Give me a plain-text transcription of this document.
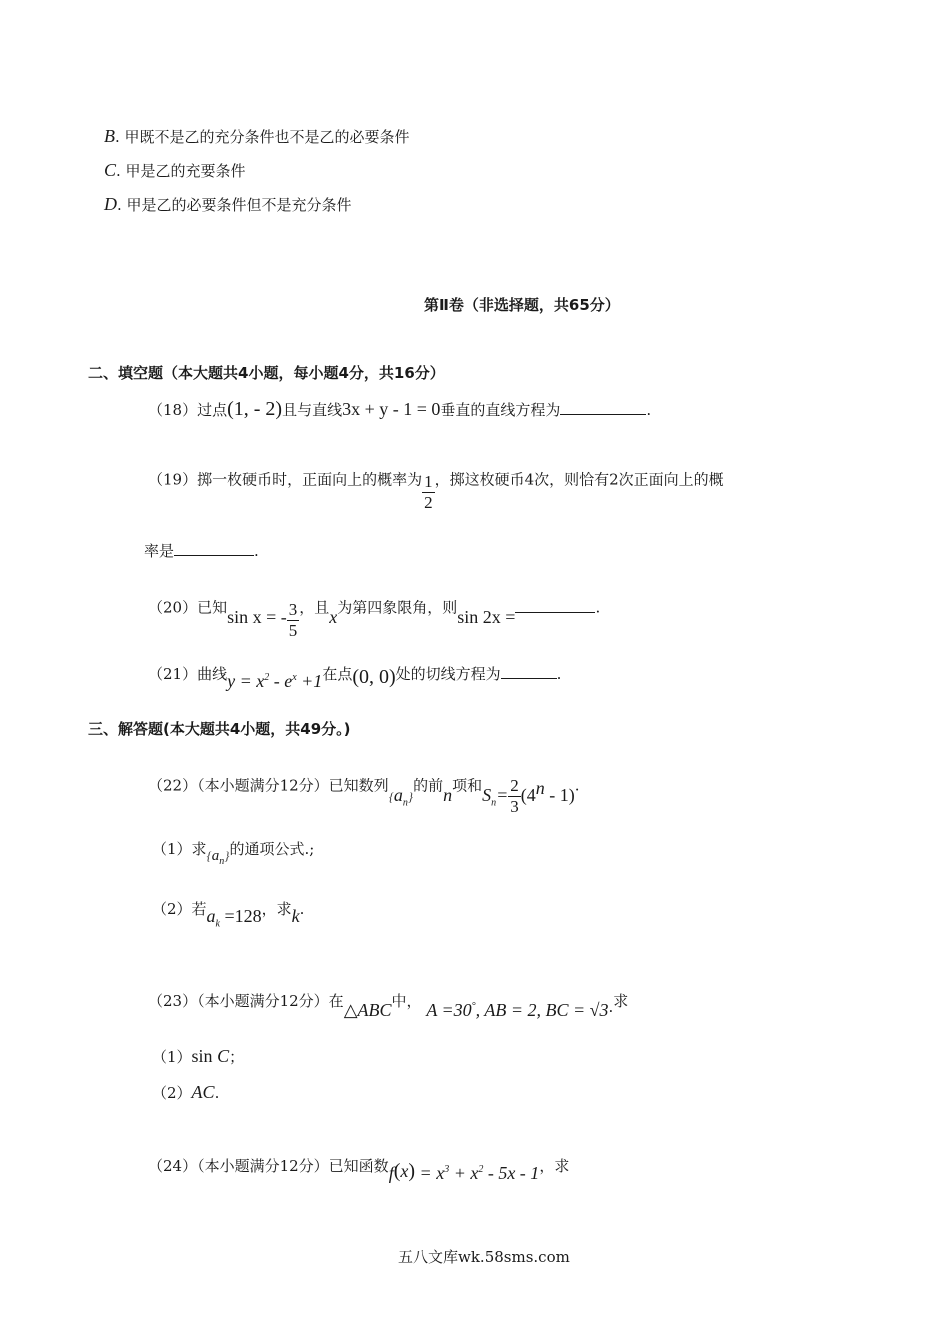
B. 甲既不是乙的充分条件也不是乙的必要条件
C. 甲是乙的充要条件
D. 甲是乙的必要条件但不是充分条件
第Ⅱ卷（非选择题，共65分）
二、填空题（本大题共4小题，每小题4分，共16分）
（18）过点(1, - 2)且与直线3x + y - 1 = 0垂直的直线方程为	.
（19）掷一枚硬币时，正面向上的概率为 $\frac{1}{2}$ ，掷这枚硬币4次，则恰有2次正面向上的概
率是	.
（20）已知sin x = - $\frac{3}{5}$ ，且x为第四象限角，则sin 2x =	.
（21）曲线$y = x^2 - e^x +1$在点(0, 0)处的切线方程为	.
三、解答题(本大题共4小题，共49分。)
（22）（本小题满分12分）已知数列$\{a_n\}$的前n项和$S_n= \frac{2}{3} (4^n - 1)$.
（1）求$\{a_n\}$的通项公式.;
（2）若$a_k =128$，求k.
（23）（本小题满分12分）在△ABC中， A =30°, AB = 2, BC = √3·求
（1）sin C；
（2）AC.
（24）（本小题满分12分）已知函数$f(x) = x^3 + x^2 - 5x - 1$，求
五八文库wk.58sms.com
